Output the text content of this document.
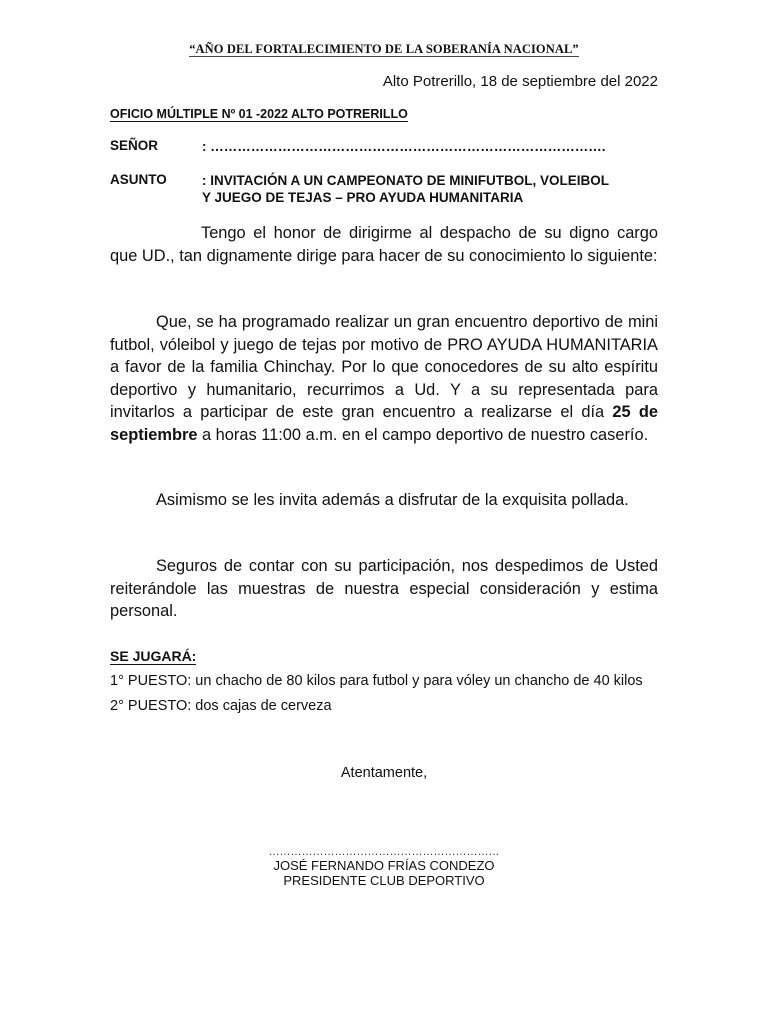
“AÑO DEL FORTALECIMIENTO DE LA SOBERANÍA NACIONAL”
Alto Potrerillo, 18 de septiembre del 2022
OFICIO MÚLTIPLE Nº 01 -2022 ALTO POTRERILLO
SEÑOR	: …………………………………………………………………………….
ASUNTO	: INVITACIÓN A UN CAMPEONATO DE MINIFUTBOL, VOLEIBOL
Y JUEGO DE TEJAS – PRO AYUDA HUMANITARIA

Tengo el honor de dirigirme al despacho de su digno cargo que UD., tan dignamente dirige para hacer de su conocimiento lo siguiente:

Que, se ha programado realizar un gran encuentro deportivo de mini futbol, vóleibol y juego de tejas por motivo de PRO AYUDA HUMANITARIA a favor de la familia Chinchay. Por lo que conocedores de su alto espíritu deportivo y humanitario, recurrimos a Ud. Y a su representada para invitarlos a participar de este gran encuentro a realizarse el día 25 de septiembre a horas 11:00 a.m. en el campo deportivo de nuestro caserío.

Asimismo se les invita además a disfrutar de la exquisita pollada.

Seguros de contar con su participación, nos despedimos de Usted reiterándole las muestras de nuestra especial consideración y estima personal.

SE JUGARÁ:
1° PUESTO: un chacho de 80 kilos para futbol y para vóley un chancho de 40 kilos
2° PUESTO: dos cajas de cerveza
Atentamente,
………………………………………………………
JOSÉ FERNANDO FRÍAS CONDEZO
PRESIDENTE CLUB DEPORTIVO
